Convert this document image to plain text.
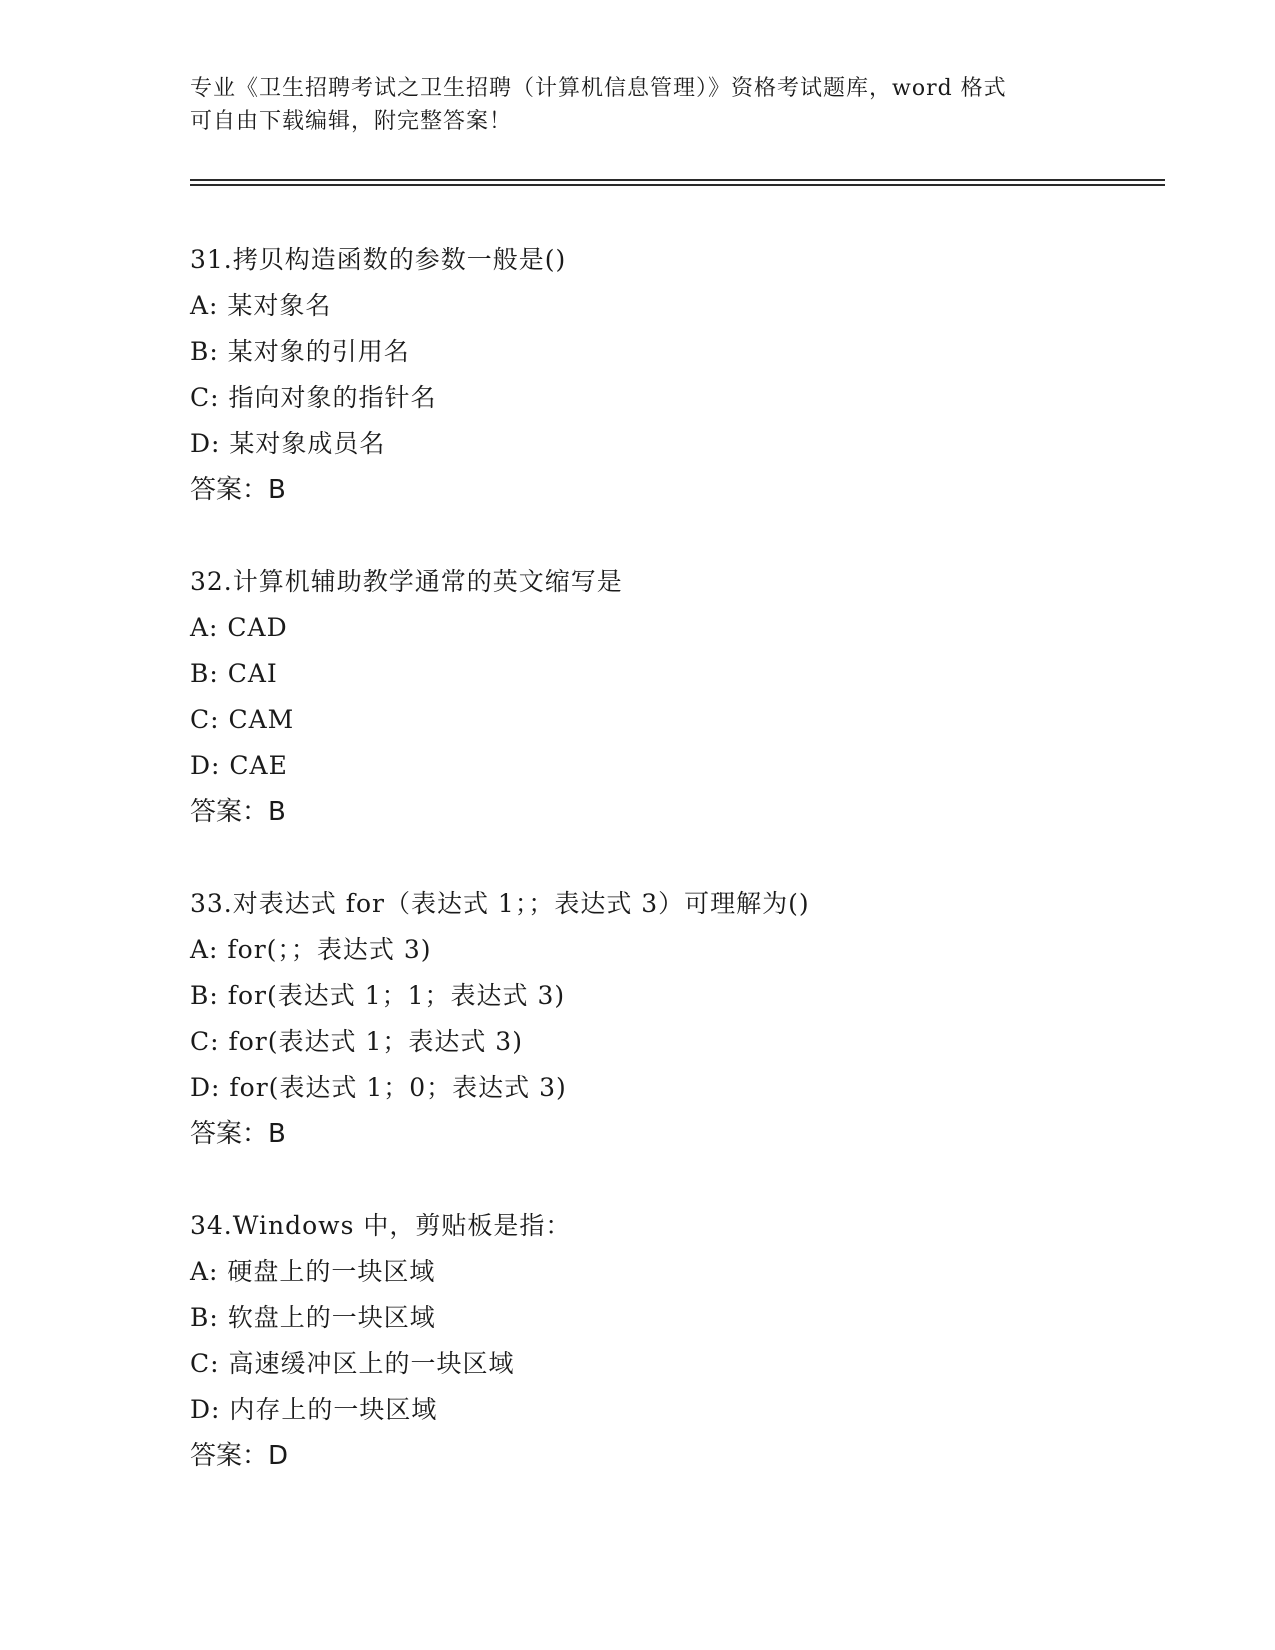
专业《卫生招聘考试之卫生招聘（计算机信息管理）》资格考试题库，word 格式
可自由下载编辑，附完整答案！
31.拷贝构造函数的参数一般是()
A: 某对象名
B: 某对象的引用名
C: 指向对象的指针名
D: 某对象成员名
答案：B
32.计算机辅助教学通常的英文缩写是
A: CAD
B: CAI
C: CAM
D: CAE
答案：B
33.对表达式 for（表达式 1；；表达式 3）可理解为()
A: for(；；表达式 3)
B: for(表达式 1；1；表达式 3)
C: for(表达式 1；表达式 3)
D: for(表达式 1；0；表达式 3)
答案：B
34.Windows 中，剪贴板是指：
A: 硬盘上的一块区域
B: 软盘上的一块区域
C: 高速缓冲区上的一块区域
D: 内存上的一块区域
答案：D
